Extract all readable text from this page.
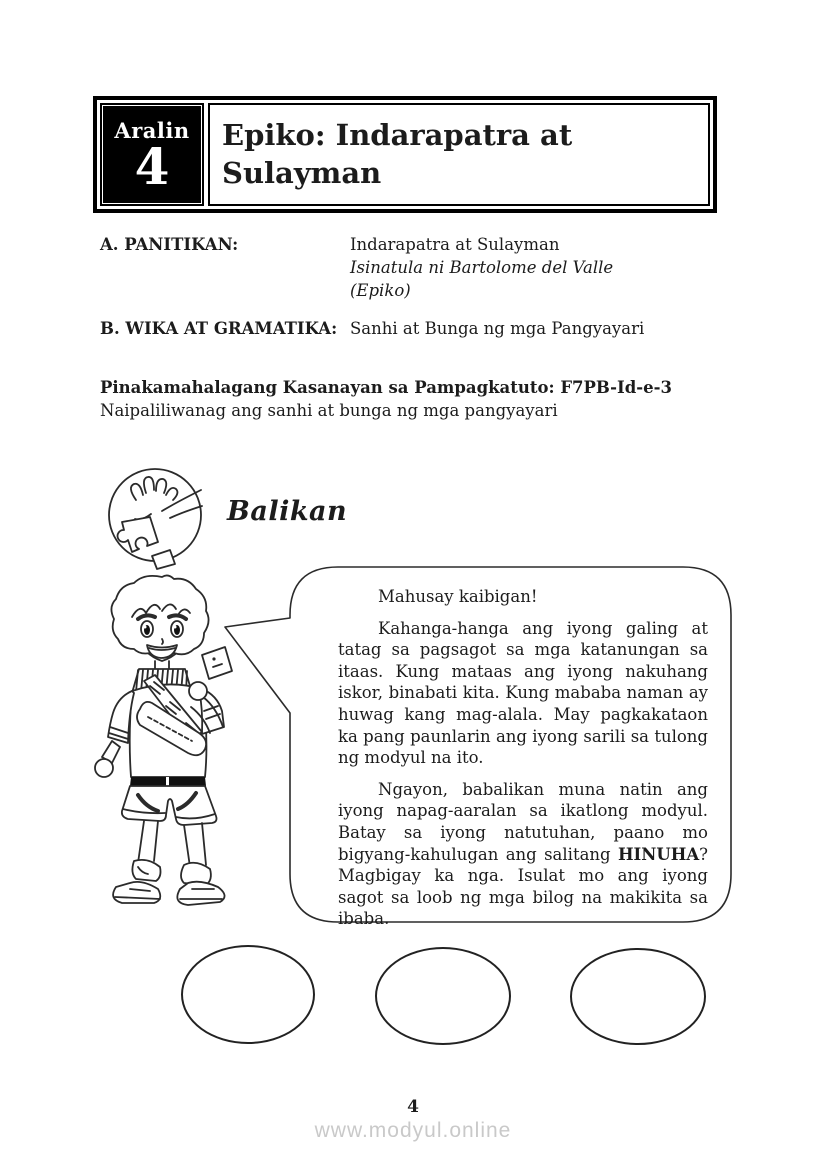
Aralin
4
Epiko: Indarapatra at Sulayman
A. PANITIKAN:	Indarapatra at Sulayman
Isinatula ni Bartolome del Valle
(Epiko)
B. WIKA AT GRAMATIKA: Sanhi at Bunga ng mga Pangyayari
Pinakamahalagang Kasanayan sa Pampagkatuto: F7PB-Id-e-3
Naipaliliwanag ang sanhi at bunga ng mga pangyayari
Balikan

Mahusay kaibigan!

Kahanga-hanga ang iyong galing at tatag sa pagsagot sa mga katanungan sa itaas. Kung mataas ang iyong nakuhang iskor, binabati kita. Kung mababa naman ay huwag kang mag-alala. May pagkakataon ka pang paunlarin ang iyong sarili sa tulong ng modyul na ito.

Ngayon, babalikan muna natin ang iyong napag-aaralan sa ikatlong modyul. Batay sa iyong natutuhan, paano mo bigyang-kahulugan ang salitang HINUHA? Magbigay ka nga. Isulat mo ang iyong sagot sa loob ng mga bilog na makikita sa ibaba.

4
www.modyul.online
